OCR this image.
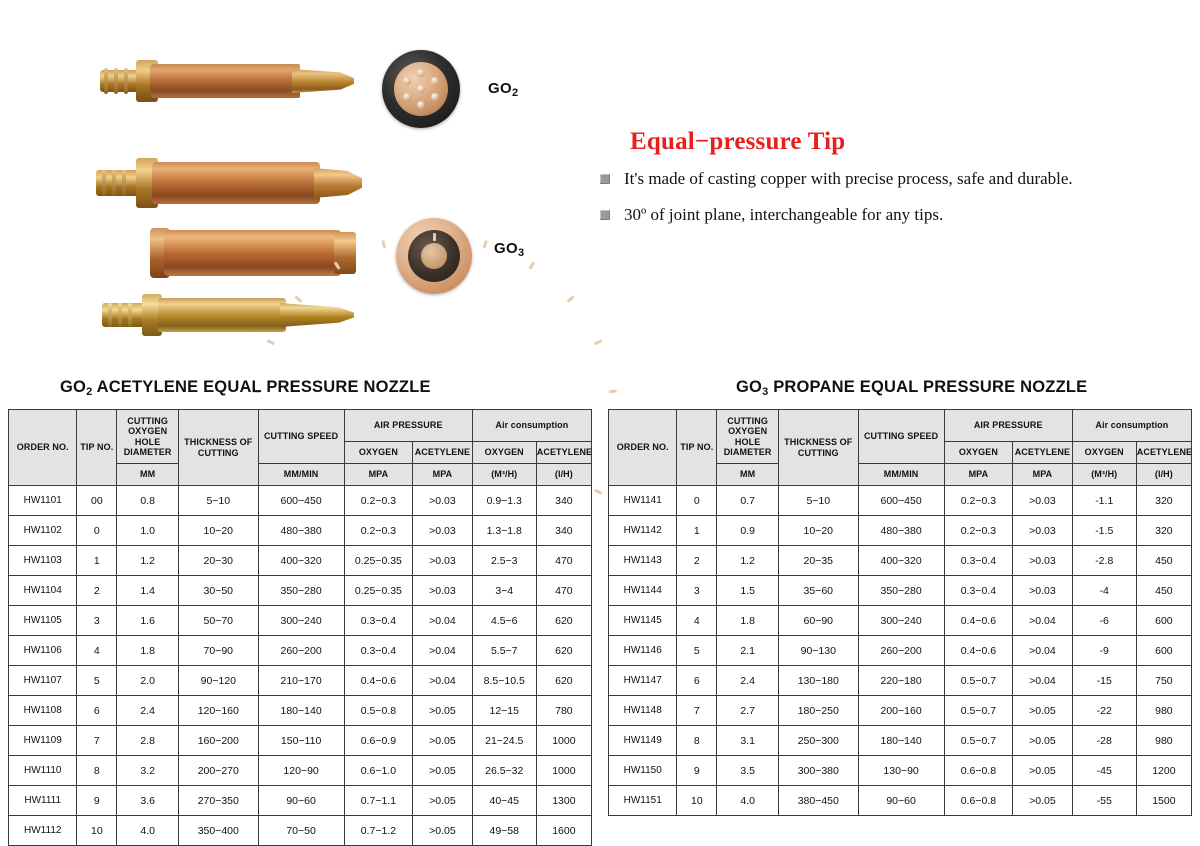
$GO_2$
$GO_3$
Equal−pressure Tip
It's made of casting copper with precise process, safe and durable.
30º of joint plane, interchangeable for any tips.
GO2 ACETYLENE EQUAL PRESSURE NOZZLE
ORDER NO.	TIP NO.	CUTTING OXYGEN HOLE DIAMETER	THICKNESS OF CUTTING	CUTTING SPEED	AIR PRESSURE		Air consumption	
					OXYGEN	ACETYLENE	OXYGEN	ACETYLENE
		MM		MM/MIN	MPA	MPA	(M³/H)	(l/H)
HW1101	00	0.8	5−10	600−450	0.2−0.3	>0.03	0.9−1.3	340
HW1102	0	1.0	10−20	480−380	0.2−0.3	>0.03	1.3−1.8	340
HW1103	1	1.2	20−30	400−320	0.25−0.35	>0.03	2.5−3	470
HW1104	2	1.4	30−50	350−280	0.25−0.35	>0.03	3−4	470
HW1105	3	1.6	50−70	300−240	0.3−0.4	>0.04	4.5−6	620
HW1106	4	1.8	70−90	260−200	0.3−0.4	>0.04	5.5−7	620
HW1107	5	2.0	90−120	210−170	0.4−0.6	>0.04	8.5−10.5	620
HW1108	6	2.4	120−160	180−140	0.5−0.8	>0.05	12−15	780
HW1109	7	2.8	160−200	150−110	0.6−0.9	>0.05	21−24.5	1000
HW1110	8	3.2	200−270	120−90	0.6−1.0	>0.05	26.5−32	1000
HW1111	9	3.6	270−350	90−60	0.7−1.1	>0.05	40−45	1300
HW1112	10	4.0	350−400	70−50	0.7−1.2	>0.05	49−58	1600
GO3 PROPANE EQUAL PRESSURE NOZZLE
ORDER NO.	TIP NO.	CUTTING OXYGEN HOLE DIAMETER	THICKNESS OF CUTTING	CUTTING SPEED	AIR PRESSURE		Air consumption	
					OXYGEN	ACETYLENE	OXYGEN	ACETYLENE
		MM		MM/MIN	MPA	MPA	(M³/H)	(l/H)
HW1141	0	0.7	5−10	600−450	0.2−0.3	>0.03	-1.1	320
HW1142	1	0.9	10−20	480−380	0.2−0.3	>0.03	-1.5	320
HW1143	2	1.2	20−35	400−320	0.3−0.4	>0.03	-2.8	450
HW1144	3	1.5	35−60	350−280	0.3−0.4	>0.03	-4	450
HW1145	4	1.8	60−90	300−240	0.4−0.6	>0.04	-6	600
HW1146	5	2.1	90−130	260−200	0.4−0.6	>0.04	-9	600
HW1147	6	2.4	130−180	220−180	0.5−0.7	>0.04	-15	750
HW1148	7	2.7	180−250	200−160	0.5−0.7	>0.05	-22	980
HW1149	8	3.1	250−300	180−140	0.5−0.7	>0.05	-28	980
HW1150	9	3.5	300−380	130−90	0.6−0.8	>0.05	-45	1200
HW1151	10	4.0	380−450	90−60	0.6−0.8	>0.05	-55	1500
